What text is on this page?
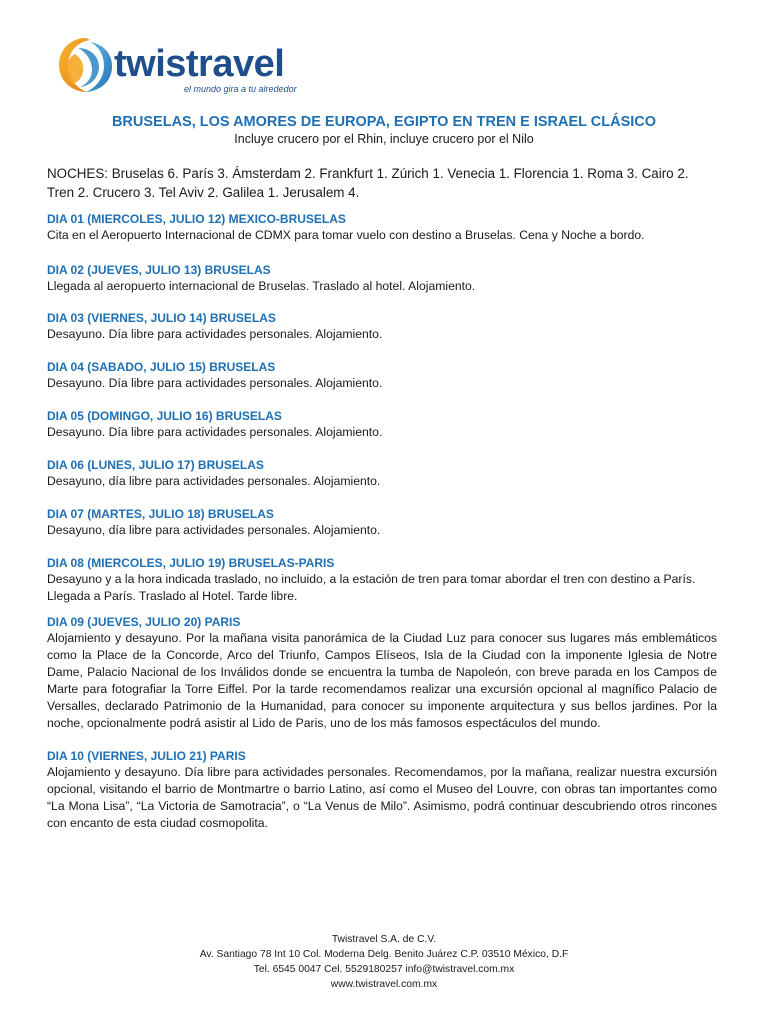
twistravel
el mundo gira a tu alrededor
BRUSELAS, LOS AMORES DE EUROPA, EGIPTO EN TREN E ISRAEL CLÁSICO
Incluye crucero por el Rhin, incluye crucero por el Nilo
NOCHES: Bruselas 6. París 3. Ámsterdam 2. Frankfurt 1. Zúrich 1. Venecia 1. Florencia 1. Roma 3. Cairo 2. Tren 2. Crucero 3. Tel Aviv 2. Galilea 1. Jerusalem 4.
DIA 01 (MIERCOLES, JULIO 12) MEXICO-BRUSELAS
Cita en el Aeropuerto Internacional de CDMX para tomar vuelo con destino a Bruselas. Cena y Noche a bordo.
DIA 02 (JUEVES, JULIO 13) BRUSELAS
Llegada al aeropuerto internacional de Bruselas. Traslado al hotel. Alojamiento.
DIA 03 (VIERNES, JULIO 14) BRUSELAS
Desayuno. Día libre para actividades personales. Alojamiento.
DIA 04 (SABADO, JULIO 15) BRUSELAS
Desayuno. Día libre para actividades personales. Alojamiento.
DIA 05 (DOMINGO, JULIO 16) BRUSELAS
Desayuno. Día libre para actividades personales. Alojamiento.
DIA 06 (LUNES, JULIO 17) BRUSELAS
Desayuno, día libre para actividades personales. Alojamiento.
DIA 07 (MARTES, JULIO 18) BRUSELAS
Desayuno, día libre para actividades personales. Alojamiento.
DIA 08 (MIERCOLES, JULIO 19) BRUSELAS-PARIS
Desayuno y a la hora indicada traslado, no incluido, a la estación de tren para tomar abordar el tren con destino a París. Llegada a París. Traslado al Hotel. Tarde libre.
DIA 09 (JUEVES, JULIO 20) PARIS
Alojamiento y desayuno. Por la mañana visita panorámica de la Ciudad Luz para conocer sus lugares más emblemáticos como la Place de la Concorde, Arco del Triunfo, Campos Elíseos, Isla de la Ciudad con la imponente Iglesia de Notre Dame, Palacio Nacional de los Inválidos donde se encuentra la tumba de Napoleón, con breve parada en los Campos de Marte para fotografiar la Torre Eiffel. Por la tarde recomendamos realizar una excursión opcional al magnífico Palacio de Versalles, declarado Patrimonio de la Humanidad, para conocer su imponente arquitectura y sus bellos jardines. Por la noche, opcionalmente podrá asistir al Lido de Paris, uno de los más famosos espectáculos del mundo.
DIA 10 (VIERNES, JULIO 21) PARIS
Alojamiento y desayuno. Día libre para actividades personales. Recomendamos, por la mañana, realizar nuestra excursión opcional, visitando el barrio de Montmartre o barrio Latino, así como el Museo del Louvre, con obras tan importantes como “La Mona Lisa”, “La Victoria de Samotracia”, o “La Venus de Milo”. Asimismo, podrá continuar descubriendo otros rincones con encanto de esta ciudad cosmopolita.
Twistravel S.A. de C.V.
Av. Santiago 78 Int 10 Col. Moderna Delg. Benito Juárez C.P. 03510 México, D.F
Tel. 6545 0047 Cel. 5529180257 info@twistravel.com.mx
www.twistravel.com.mx
